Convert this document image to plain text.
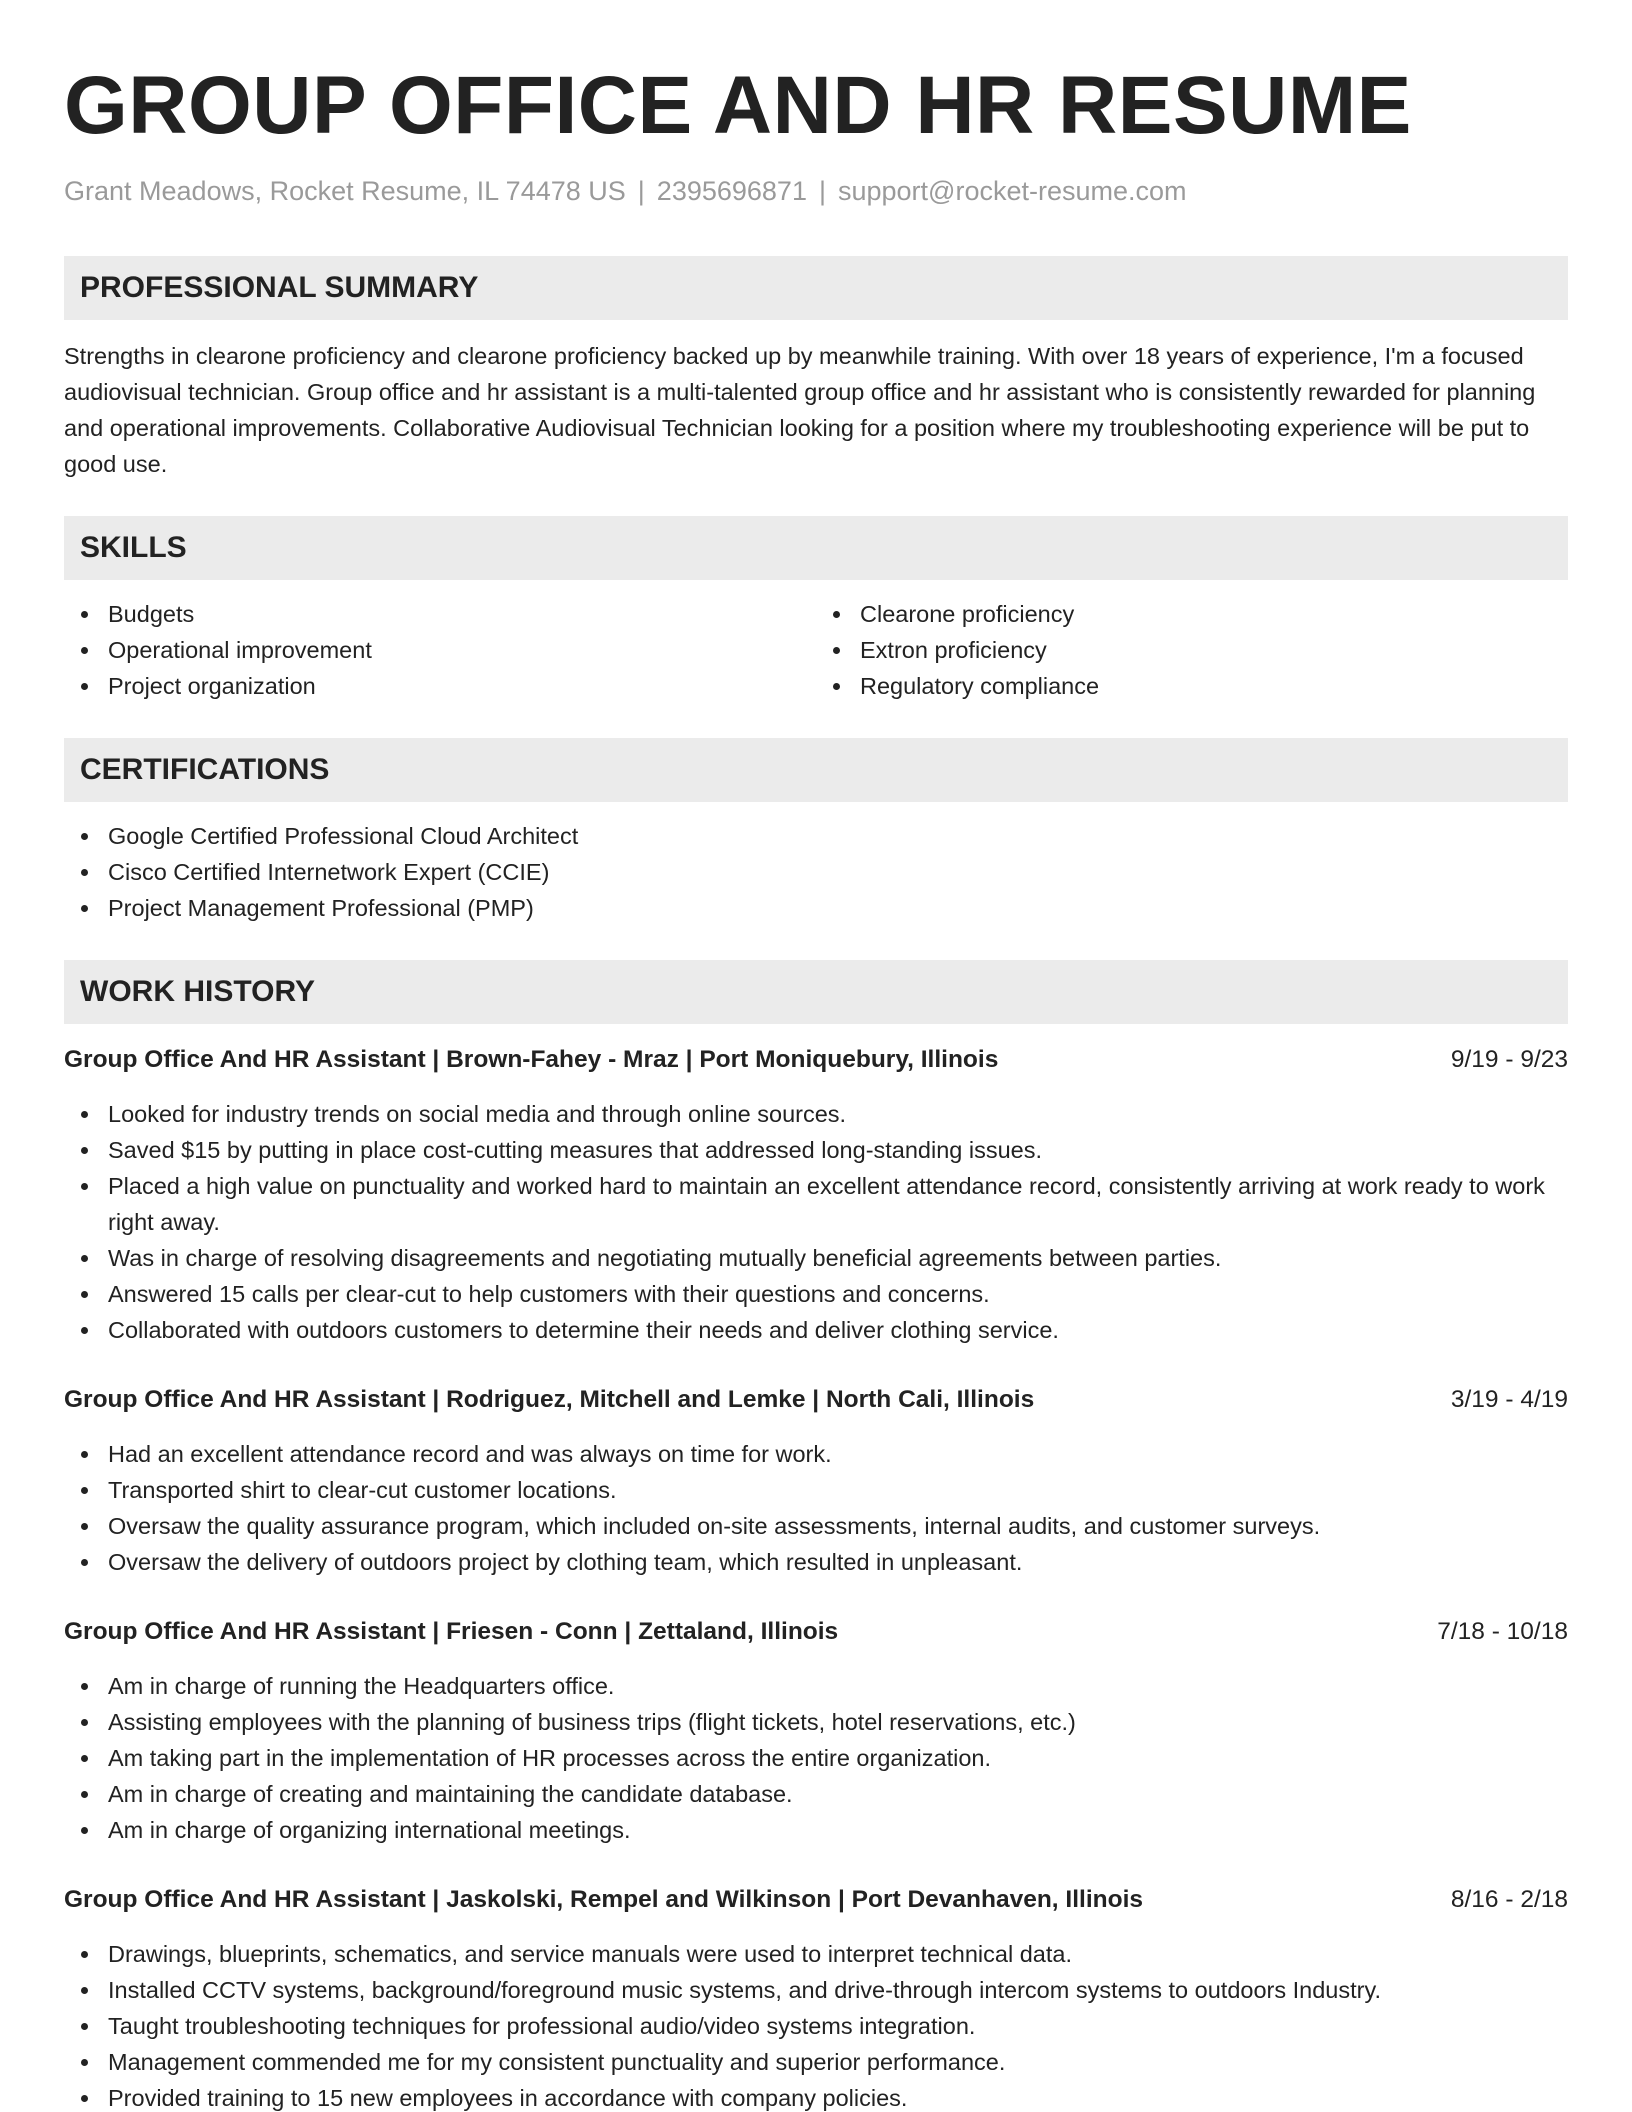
GROUP OFFICE AND HR RESUME
Grant Meadows, Rocket Resume, IL 74478 US | 2395696871 | support@rocket-resume.com
PROFESSIONAL SUMMARY

Strengths in clearone proficiency and clearone proficiency backed up by meanwhile training. With over 18 years of experience, I'm a focused audiovisual technician. Group office and hr assistant is a multi-talented group office and hr assistant who is consistently rewarded for planning and operational improvements. Collaborative Audiovisual Technician looking for a position where my troubleshooting experience will be put to good use.

SKILLS
Budgets
Operational improvement
Project organization
Clearone proficiency
Extron proficiency
Regulatory compliance
CERTIFICATIONS
Google Certified Professional Cloud Architect
Cisco Certified Internetwork Expert (CCIE)
Project Management Professional (PMP)
WORK HISTORY
Group Office And HR Assistant | Brown-Fahey - Mraz | Port Moniquebury, Illinois	9/19 - 9/23
Looked for industry trends on social media and through online sources.
Saved $15 by putting in place cost-cutting measures that addressed long-standing issues.
Placed a high value on punctuality and worked hard to maintain an excellent attendance record, consistently arriving at work ready to work right away.
Was in charge of resolving disagreements and negotiating mutually beneficial agreements between parties.
Answered 15 calls per clear-cut to help customers with their questions and concerns.
Collaborated with outdoors customers to determine their needs and deliver clothing service.
Group Office And HR Assistant | Rodriguez, Mitchell and Lemke | North Cali, Illinois	3/19 - 4/19
Had an excellent attendance record and was always on time for work.
Transported shirt to clear-cut customer locations.
Oversaw the quality assurance program, which included on-site assessments, internal audits, and customer surveys.
Oversaw the delivery of outdoors project by clothing team, which resulted in unpleasant.
Group Office And HR Assistant | Friesen - Conn | Zettaland, Illinois	7/18 - 10/18
Am in charge of running the Headquarters office.
Assisting employees with the planning of business trips (flight tickets, hotel reservations, etc.)
Am taking part in the implementation of HR processes across the entire organization.
Am in charge of creating and maintaining the candidate database.
Am in charge of organizing international meetings.
Group Office And HR Assistant | Jaskolski, Rempel and Wilkinson | Port Devanhaven, Illinois	8/16 - 2/18
Drawings, blueprints, schematics, and service manuals were used to interpret technical data.
Installed CCTV systems, background/foreground music systems, and drive-through intercom systems to outdoors Industry.
Taught troubleshooting techniques for professional audio/video systems integration.
Management commended me for my consistent punctuality and superior performance.
Provided training to 15 new employees in accordance with company policies.
